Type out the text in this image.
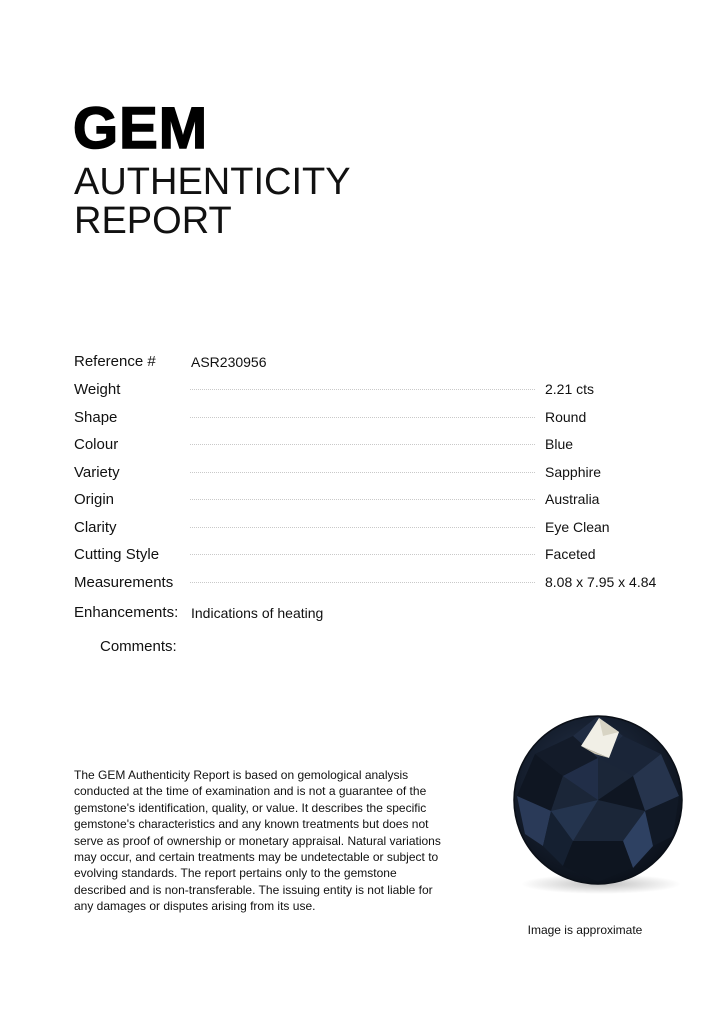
GEM
AUTHENTICITY
REPORT
Reference #	ASR230956
Weight	2.21 cts
Shape	Round
Colour	Blue
Variety	Sapphire
Origin	Australia
Clarity	Eye Clean
Cutting Style	Faceted
Measurements	8.08 x 7.95 x 4.84
Enhancements: Indications of heating
Comments:
The GEM Authenticity Report is based on gemological analysis conducted at the time of examination and is not a guarantee of the gemstone's identification, quality, or value. It describes the specific gemstone's characteristics and any known treatments but does not serve as proof of ownership or monetary appraisal. Natural variations may occur, and certain treatments may be undetectable or subject to evolving standards. The report pertains only to the gemstone described and is non-transferable. The issuing entity is not liable for any damages or disputes arising from its use.
Image is approximate
